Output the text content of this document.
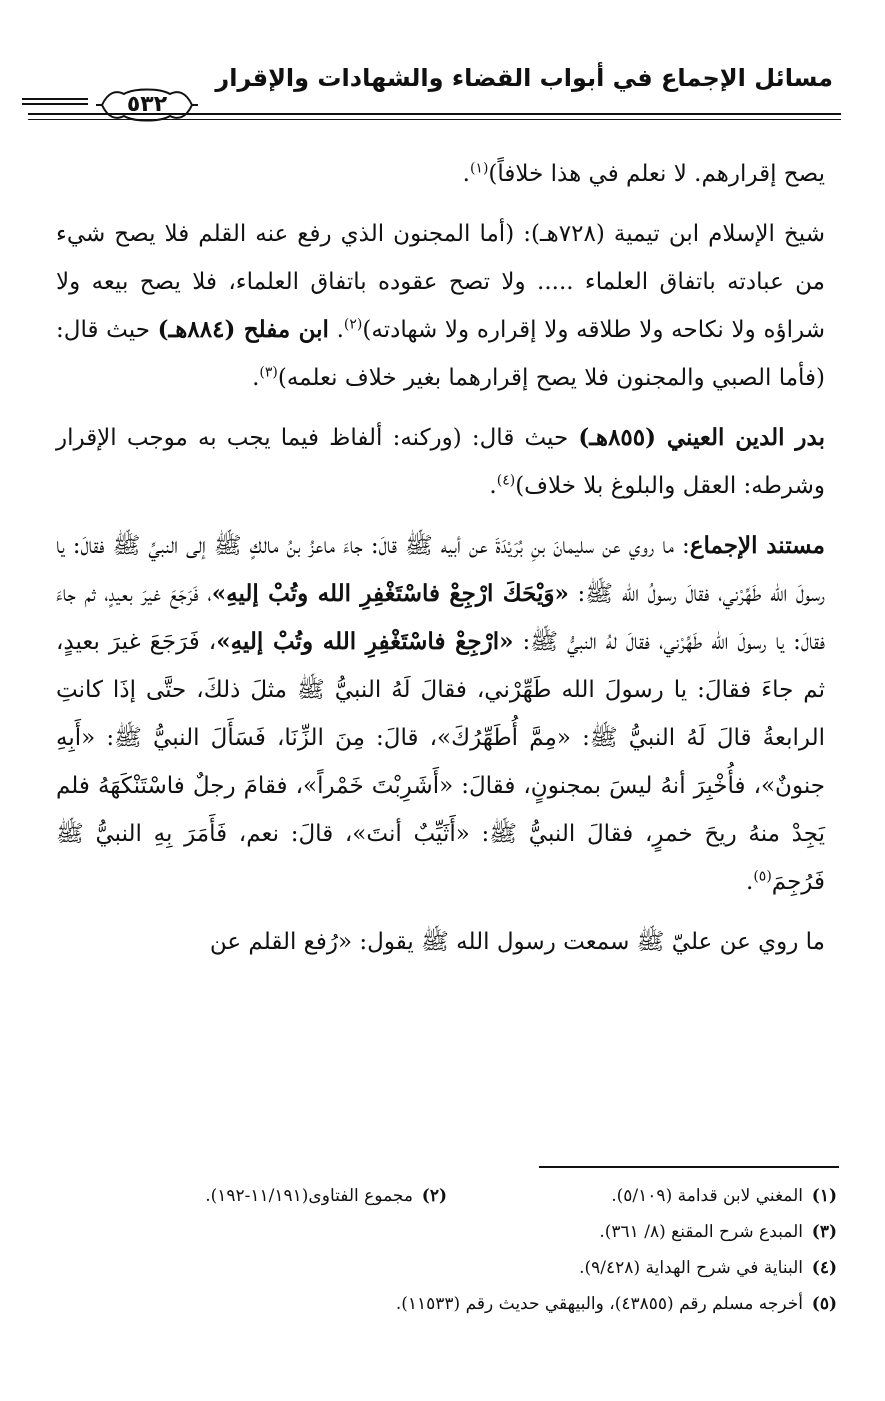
مسائل الإجماع في أبواب القضاء والشهادات والإقرار
٥٣٢

يصح إقرارهم. لا نعلم في هذا خلافاً)$^{(١)}$.

شيخ الإسلام ابن تيمية (٧٢٨هـ): (أما المجنون الذي رفع عنه القلم فلا يصح شيء من عبادته باتفاق العلماء ..... ولا تصح عقوده باتفاق العلماء، فلا يصح بيعه ولا شراؤه ولا نكاحه ولا طلاقه ولا إقراره ولا شهادته)$^{(٢)}$. ابن مفلح (٨٨٤هـ) حيث قال: (فأما الصبي والمجنون فلا يصح إقرارهما بغير خلاف نعلمه)$^{(٣)}$.

بدر الدين العيني (٨٥٥هـ) حيث قال: (وركنه: ألفاظ فيما يجب به موجب الإقرار وشرطه: العقل والبلوغ بلا خلاف)$^{(٤)}$.

مستند الإجماع: ما روي عن سليمانَ بنِ بُرَيْدَةَ عن أبيه ﷺ قالَ: جاءَ ماعزُ بنُ مالكٍ ﷺ إلى النبيِّ ﷺ فقالَ: يا رسولَ الله طَهِّرْني، فقالَ رسولُ الله ﷺ: «وَيْحَكَ ارْجِعْ فاسْتَغْفِرِ الله وتُبْ إليهِ»، فَرَجَعَ غيرَ بعيدٍ، ثم جاءَ فقالَ: يا رسولَ الله طَهِّرْني، فقالَ لهُ النبيُّ ﷺ: «ارْجِعْ فاسْتَغْفِرِ الله وتُبْ إليهِ»، فَرَجَعَ غيرَ بعيدٍ، ثم جاءَ فقالَ: يا رسولَ الله طَهِّرْني، فقالَ لَهُ النبيُّ ﷺ مثلَ ذلكَ، حتَّى إذَا كانتِ الرابعةُ قالَ لَهُ النبيُّ ﷺ: «مِمَّ أُطَهِّرُكَ»، قالَ: مِنَ الزِّنَا، فَسَأَلَ النبيُّ ﷺ: «أَبِهِ جنونٌ»، فأُخْبِرَ أنهُ ليسَ بمجنونٍ، فقالَ: «أَشَرِبْتَ خَمْراً»، فقامَ رجلٌ فاسْتَنْكَهَهُ فلم يَجِدْ منهُ ريحَ خمرٍ، فقالَ النبيُّ ﷺ: «أَثَيِّبٌ أنتَ»، قالَ: نعم، فَأَمَرَ بِهِ النبيُّ ﷺ فَرُجِمَ$^{(٥)}$.

ما روي عن عليّ ﷺ سمعت رسول الله ﷺ يقول: «رُفع القلم عن

(١)المغني لابن قدامة (٥/١٠٩).
(٢)مجموع الفتاوى(١١/١٩١-١٩٢).
(٣)المبدع شرح المقنع (٨/ ٣٦١).
(٤)البناية في شرح الهداية (٩/٤٢٨).
(٥)أخرجه مسلم رقم (٤٣٨٥٥)، والبيهقي حديث رقم (١١٥٣٣).
